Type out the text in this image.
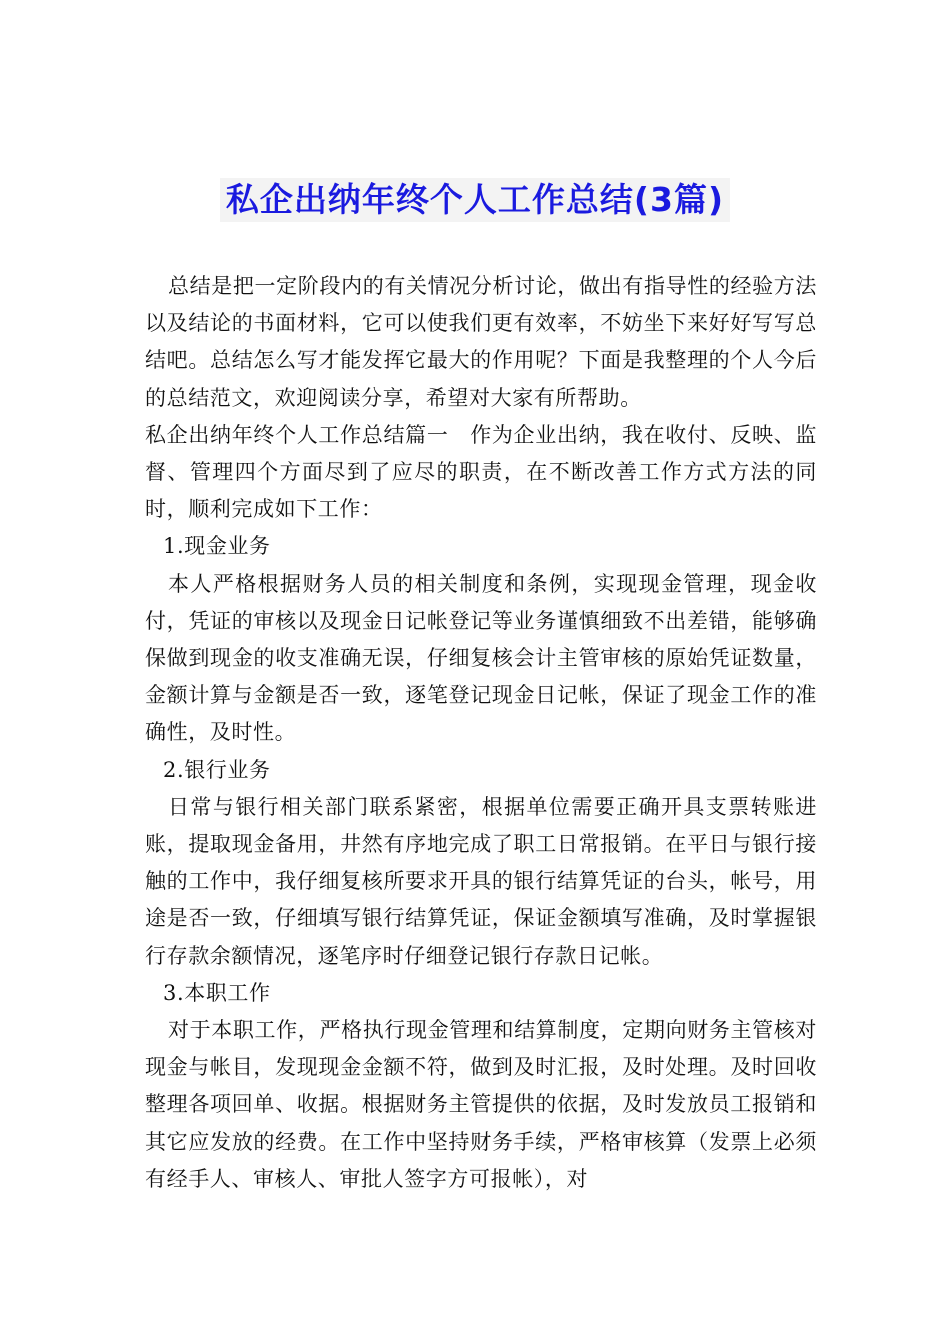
私企出纳年终个人工作总结(3篇)

总结是把一定阶段内的有关情况分析讨论，做出有指导性的经验方法以及结论的书面材料，它可以使我们更有效率，不妨坐下来好好写写总结吧。总结怎么写才能发挥它最大的作用呢？下面是我整理的个人今后的总结范文，欢迎阅读分享，希望对大家有所帮助。

私企出纳年终个人工作总结篇一　作为企业出纳，我在收付、反映、监督、管理四个方面尽到了应尽的职责，在不断改善工作方式方法的同时，顺利完成如下工作：

1.现金业务

本人严格根据财务人员的相关制度和条例，实现现金管理，现金收付，凭证的审核以及现金日记帐登记等业务谨慎细致不出差错，能够确保做到现金的收支准确无误，仔细复核会计主管审核的原始凭证数量，金额计算与金额是否一致，逐笔登记现金日记帐，保证了现金工作的准确性，及时性。

2.银行业务

日常与银行相关部门联系紧密，根据单位需要正确开具支票转账进账，提取现金备用，井然有序地完成了职工日常报销。在平日与银行接触的工作中，我仔细复核所要求开具的银行结算凭证的台头，帐号，用途是否一致，仔细填写银行结算凭证，保证金额填写准确，及时掌握银行存款余额情况，逐笔序时仔细登记银行存款日记帐。

3.本职工作

对于本职工作，严格执行现金管理和结算制度，定期向财务主管核对现金与帐目，发现现金金额不符，做到及时汇报，及时处理。及时回收整理各项回单、收据。根据财务主管提供的依据，及时发放员工报销和其它应发放的经费。在工作中坚持财务手续，严格审核算（发票上必须有经手人、审核人、审批人签字方可报帐），对
